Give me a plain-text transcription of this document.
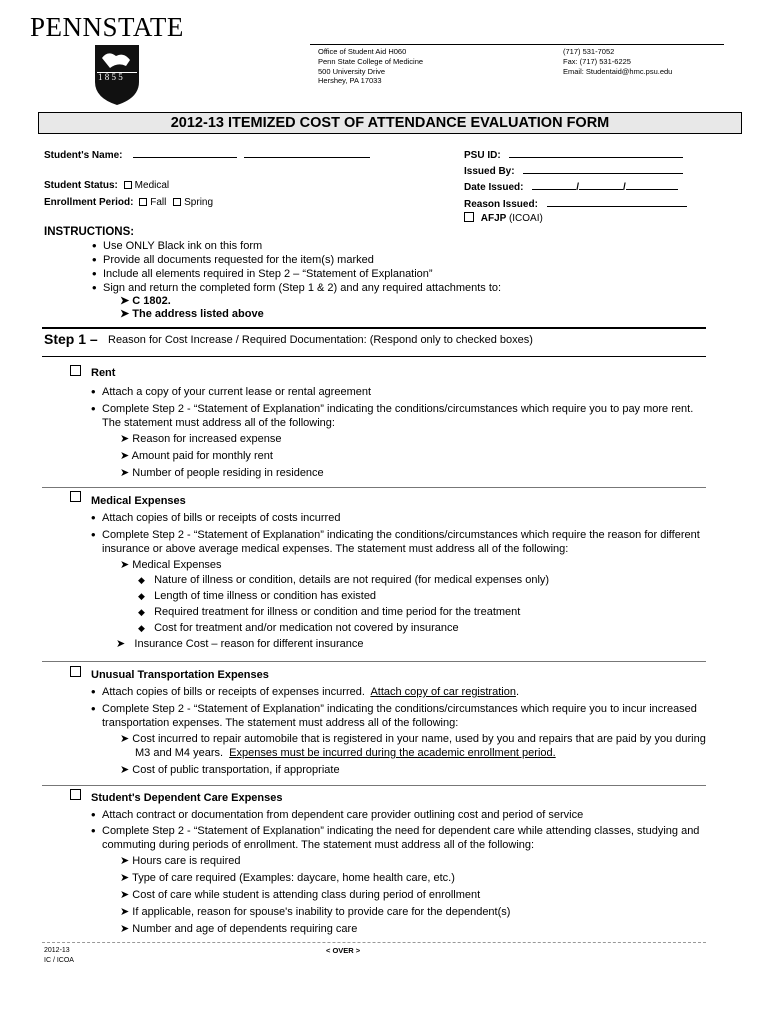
PENNSTATE
1 8 5 5
Office of Student Aid H060
Penn State College of Medicine
500 University Drive
Hershey, PA 17033
(717) 531-7052
Fax: (717) 531-6225
Email: Studentaid@hmc.psu.edu
2012-13 ITEMIZED COST OF ATTENDANCE EVALUATION FORM
Student's Name:
Student Status: Medical
Enrollment Period: Fall Spring
PSU ID:
Issued By:
Date Issued:	/	/
Reason Issued:
AFJP (ICOAI)
INSTRUCTIONS:
• Use ONLY Black ink on this form
• Provide all documents requested for the item(s) marked
• Include all elements required in Step 2 – “Statement of Explanation”
• Sign and return the completed form (Step 1 & 2) and any required attachments to:
➤ C 1802.
➤ The address listed above
Step 1 – Reason for Cost Increase / Required Documentation: (Respond only to checked boxes)
Rent
• Attach a copy of your current lease or rental agreement
• Complete Step 2 - “Statement of Explanation” indicating the conditions/circumstances which require you to pay more rent.
The statement must address all of the following:
➤ Reason for increased expense
➤ Amount paid for monthly rent
➤ Number of people residing in residence
Medical Expenses
• Attach copies of bills or receipts of costs incurred
• Complete Step 2 - “Statement of Explanation” indicating the conditions/circumstances which require the reason for different
insurance or above average medical expenses. The statement must address all of the following:
➤ Medical Expenses
◆ Nature of illness or condition, details are not required (for medical expenses only)
◆ Length of time illness or condition has existed
◆ Required treatment for illness or condition and time period for the treatment
◆ Cost for treatment and/or medication not covered by insurance
➤ Insurance Cost – reason for different insurance
Unusual Transportation Expenses
• Attach copies of bills or receipts of expenses incurred. Attach copy of car registration.
• Complete Step 2 - “Statement of Explanation” indicating the conditions/circumstances which require you to incur increased
transportation expenses. The statement must address all of the following:
➤ Cost incurred to repair automobile that is registered in your name, used by you and repairs that are paid by you during
M3 and M4 years. Expenses must be incurred during the academic enrollment period.
➤ Cost of public transportation, if appropriate
Student's Dependent Care Expenses
• Attach contract or documentation from dependent care provider outlining cost and period of service
• Complete Step 2 - “Statement of Explanation” indicating the need for dependent care while attending classes, studying and
commuting during periods of enrollment. The statement must address all of the following:
➤ Hours care is required
➤ Type of care required (Examples: daycare, home health care, etc.)
➤ Cost of care while student is attending class during period of enrollment
➤ If applicable, reason for spouse's inability to provide care for the dependent(s)
➤ Number and age of dependents requiring care
2012-13
IC / ICOA
< OVER >
